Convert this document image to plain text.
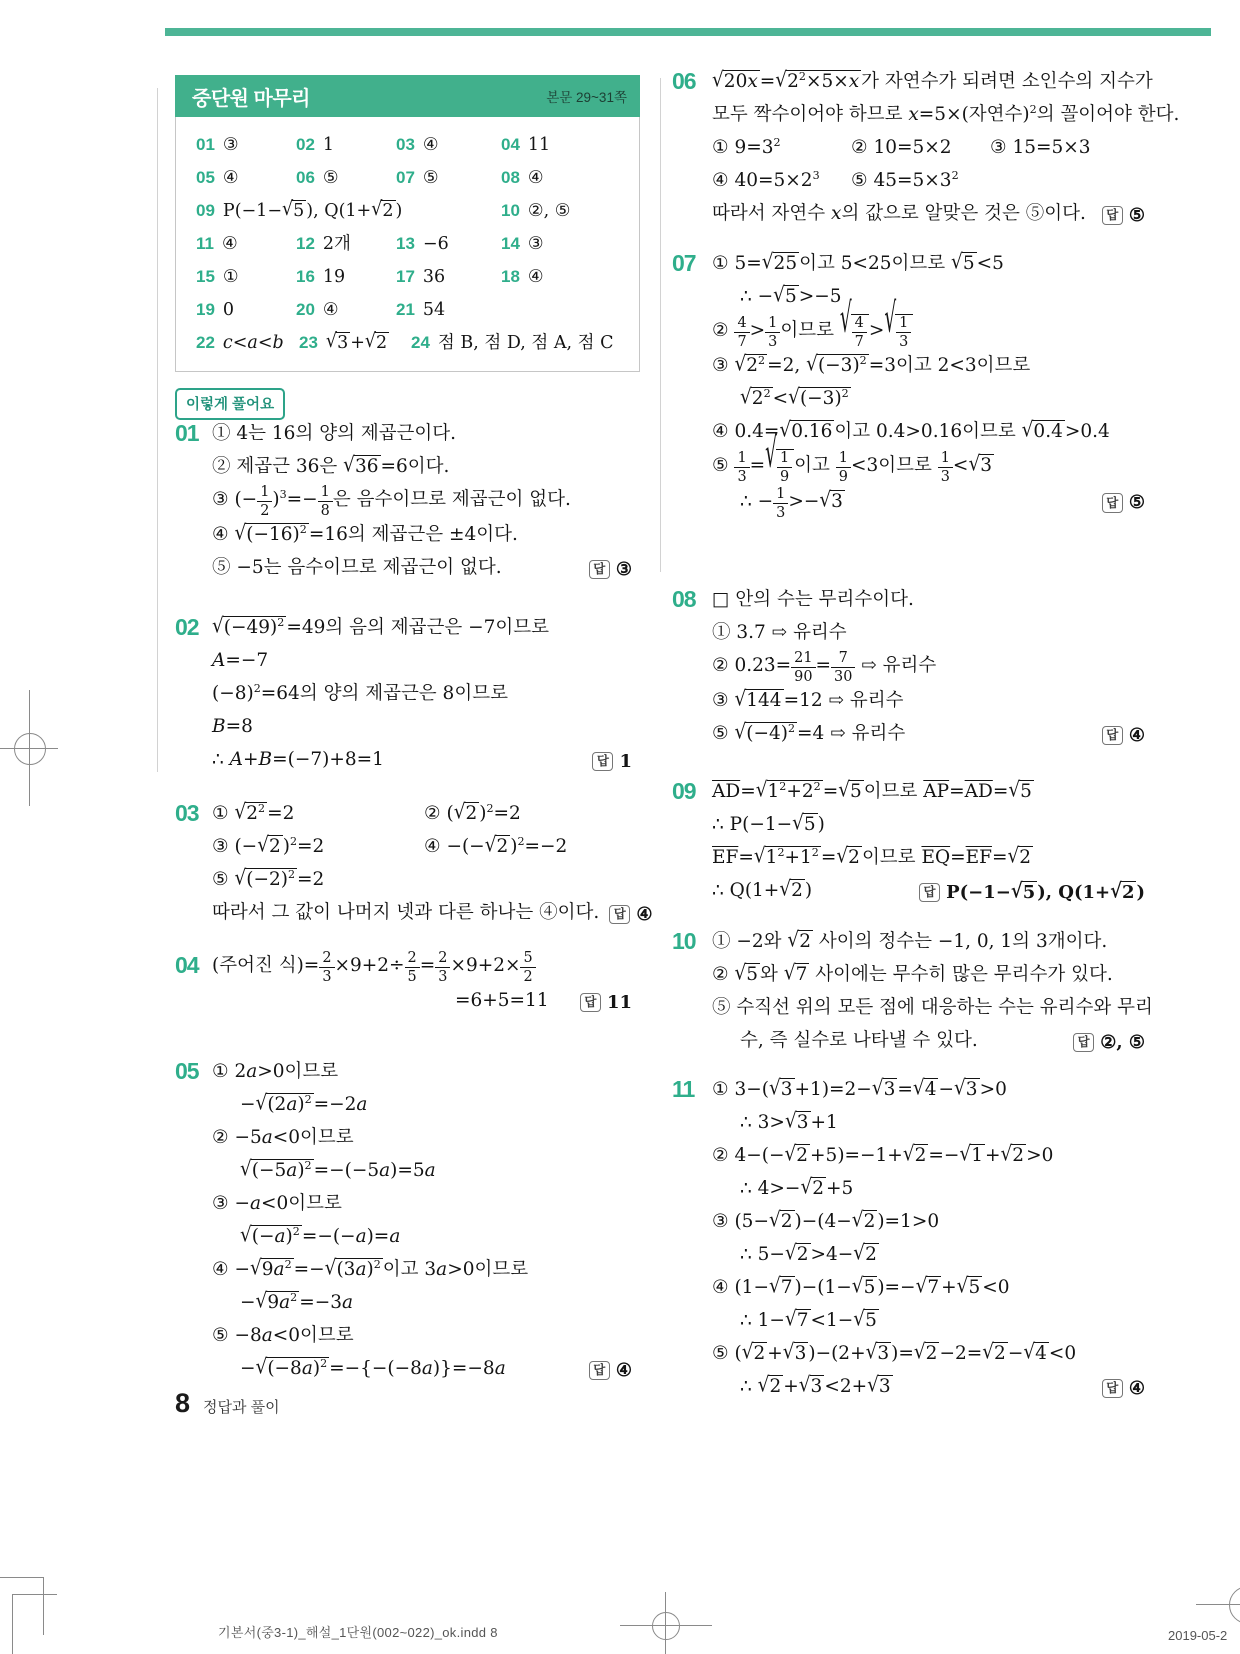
중단원 마무리	본문 29~31쪽
01 ③	02 1	03 ④	04 11
05 ④	06 ⑤	07 ⑤	08 ④
09 P(−1−√5 ), Q(1+√2 )	10 ②, ⑤
11 ④	12 2개	13 −6	14 ③
15 ①	16 19	17 36	18 ④
19 0	20 ④	21 54
22 c<a<b 23 √3 +√2 24 점 B, 점 D, 점 A, 점 C
이렇게 풀어요
01 ① 4는 16의 양의 제곱근이다.
② 제곱근 36은 √36 =6이다.
③ (− $\frac{1}{2} )^3=- \frac{1}{8}$ 은 음수이므로 제곱근이 없다.
④ $√(-16)^2 =16$의 제곱근은 ±4이다.
⑤ −5는 음수이므로 제곱근이 없다.	답 ③
02 $√(-49)^2 =49$의 음의 제곱근은 −7이므로
A=−7
$(-8)^2=64$의 양의 제곱근은 8이므로
B=8
∴ A+B=(−7)+8=1	답 1
03 ① $√2^2 =2$	② (√2 )$^2$=2
③ (−√2 )$^2$=2	④ −(−√2 )$^2$=−2
⑤ $√(-2)^2 =2$
따라서 그 값이 나머지 넷과 다른 하나는 ④이다.	답 ④
04 (주어진 식)= $\frac{2}{3} \times 9+2\div \frac{2}{5} = \frac{2}{3} \times 9+2\times \frac{5}{2}$
=6+5=11	답 11
05 ① 2a>0이므로
$-√(2a)^2 =-2a$
② −5a<0이므로
$√(-5a)^2 =-(-5a)=5a$
③ −a<0이므로
$√(-a)^2 =-(-a)=a$
④ $-√9a^2 =-√(3a)^2$ 이고 3a>0이므로
$-√9a^2 =-3a$
⑤ −8a<0이므로
$-√(-8a)^2 =-\{-(-8a)\}=-8a$	답 ④
06 $√20x =√2^2\times 5\times x$ 가 자연수가 되려면 소인수의 지수가
모두 짝수이어야 하므로 x=5×(자연수)$^2$의 꼴이어야 한다.
① $9=3^2$	② 10=5×2	③ 15=5×3
④ $40=5\times 2^3$	⑤ $45=5\times 3^2$
따라서 자연수 x의 값으로 알맞은 것은 ⑤이다.	답 ⑤
07 ① 5=√25 이고 5<25이므로 √5 <5
∴ −√5 >−5
② $\frac{4}{7} > \frac{1}{3}$ 이므로 √ $\frac{4}{7}$ >√ $\frac{1}{3}$
③ $√2^2 =2$, $√(-3)^2 =3$이고 2<3이므로
$√2^2 <√(-3)^2$
④ 0.4=√0.16 이고 0.4>0.16이므로 √0.4 >0.4
⑤ $\frac{1}{3}$ =√ $\frac{1}{9}$ 이고 $\frac{1}{9} <3$이므로 $\frac{1}{3} <√3$
∴ − $\frac{1}{3} >-√3$	답 ⑤
08 □ 안의 수는 무리수이다.
① 3.7 ⇨ 유리수
② 0.23̇= $\frac{21}{90} = \frac{7}{30}$ ⇨ 유리수
③ √144 =12 ⇨ 유리수
⑤ $√(-4)^2 =4$ ⇨ 유리수	답 ④
09 $\overline{AD}=√1^2+2^2 =√5$ 이므로 $\overline{AP}=\overline{AD}=√5$
∴ P(−1−√5 )
$\overline{EF}=√1^2+1^2 =√2$ 이므로 $\overline{EQ}=\overline{EF}=√2$
∴ Q(1+√2 )	답 P(−1−√5 ), Q(1+√2 )
10 ① −2와 √2 사이의 정수는 −1, 0, 1의 3개이다.
② √5 와 √7 사이에는 무수히 많은 무리수가 있다.
⑤ 수직선 위의 모든 점에 대응하는 수는 유리수와 무리
수, 즉 실수로 나타낼 수 있다.	답 ②, ⑤
11 ① 3−(√3 +1)=2−√3 =√4 −√3 >0
∴ 3>√3 +1
② 4−(−√2 +5)=−1+√2 =−√1 +√2 >0
∴ 4>−√2 +5
③ (5−√2 )−(4−√2 )=1>0
∴ 5−√2 >4−√2
④ (1−√7 )−(1−√5 )=−√7 +√5 <0
∴ 1−√7 <1−√5
⑤ (√2 +√3 )−(2+√3 )=√2 −2=√2 −√4 <0
∴ √2 +√3 <2+√3	답 ④
8 정답과 풀이
기본서(중3-1)_해설_1단원(002~022)_ok.indd 8	2019-05-2
